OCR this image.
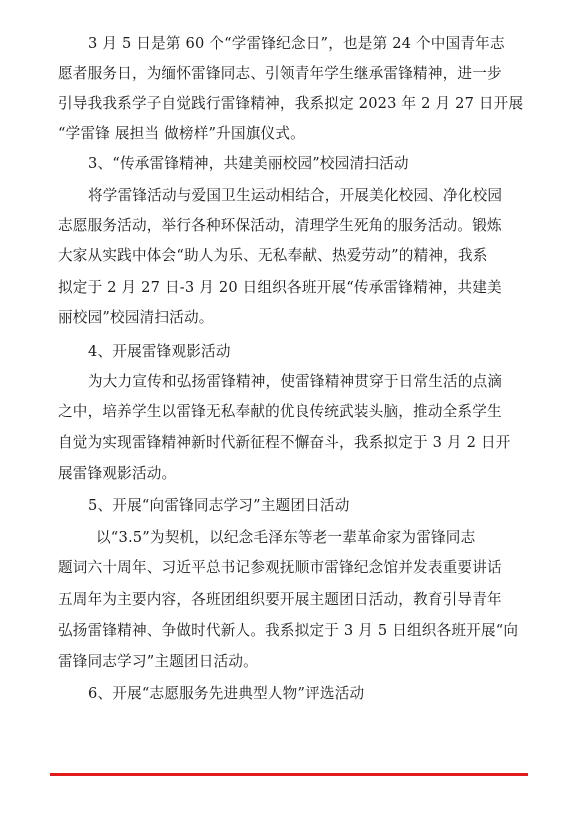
3 月 5 日是第 60 个“学雷锋纪念日”，也是第 24 个中国青年志
愿者服务日，为缅怀雷锋同志、引领青年学生继承雷锋精神，进一步
引导我我系学子自觉践行雷锋精神，我系拟定 2023 年 2 月 27 日开展
“学雷锋 展担当 做榜样”升国旗仪式。
3、“传承雷锋精神，共建美丽校园”校园清扫活动
将学雷锋活动与爱国卫生运动相结合，开展美化校园、净化校园
志愿服务活动，举行各种环保活动，清理学生死角的服务活动。锻炼
大家从实践中体会“助人为乐、无私奉献、热爱劳动”的精神，我系
拟定于 2 月 27 日-3 月 20 日组织各班开展“传承雷锋精神，共建美
丽校园”校园清扫活动。
4、开展雷锋观影活动
为大力宣传和弘扬雷锋精神，使雷锋精神贯穿于日常生活的点滴
之中，培养学生以雷锋无私奉献的优良传统武装头脑，推动全系学生
自觉为实现雷锋精神新时代新征程不懈奋斗，我系拟定于 3 月 2 日开
展雷锋观影活动。
5、开展“向雷锋同志学习”主题团日活动
以“3.5”为契机，以纪念毛泽东等老一辈革命家为雷锋同志
题词六十周年、习近平总书记参观抚顺市雷锋纪念馆并发表重要讲话
五周年为主要内容，各班团组织要开展主题团日活动，教育引导青年
弘扬雷锋精神、争做时代新人。我系拟定于 3 月 5 日组织各班开展“向
雷锋同志学习”主题团日活动。
6、开展“志愿服务先进典型人物”评选活动
